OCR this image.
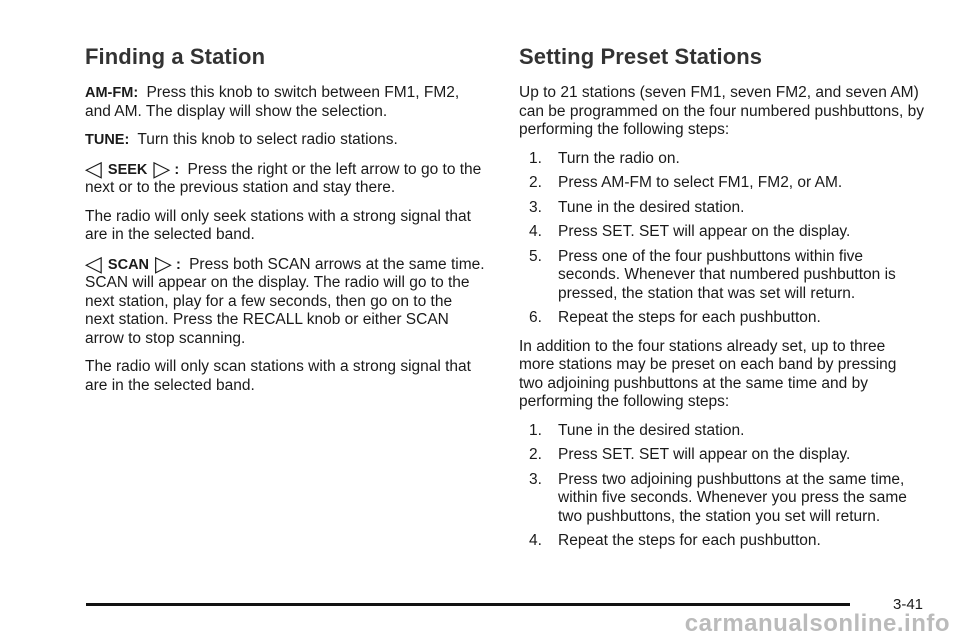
Finding a Station

AM-FM: Press this knob to switch between FM1, FM2, and AM. The display will show the selection.

TUNE: Turn this knob to select radio stations.

◁ SEEK ▷ : Press the right or the left arrow to go to the next or to the previous station and stay there.

The radio will only seek stations with a strong signal that are in the selected band.

◁ SCAN ▷ : Press both SCAN arrows at the same time. SCAN will appear on the display. The radio will go to the next station, play for a few seconds, then go on to the next station. Press the RECALL knob or either SCAN arrow to stop scanning.

The radio will only scan stations with a strong signal that are in the selected band.

Setting Preset Stations

Up to 21 stations (seven FM1, seven FM2, and seven AM) can be programmed on the four numbered pushbuttons, by performing the following steps:

1.	Turn the radio on.
2.	Press AM-FM to select FM1, FM2, or AM.
3.	Tune in the desired station.
4.	Press SET. SET will appear on the display.
5.	Press one of the four pushbuttons within five seconds. Whenever that numbered pushbutton is pressed, the station that was set will return.
6.	Repeat the steps for each pushbutton.

In addition to the four stations already set, up to three more stations may be preset on each band by pressing two adjoining pushbuttons at the same time and by performing the following steps:

1.	Tune in the desired station.
2.	Press SET. SET will appear on the display.
3.	Press two adjoining pushbuttons at the same time, within five seconds. Whenever you press the same two pushbuttons, the station you set will return.
4.	Repeat the steps for each pushbutton.
3-41
carmanualsonline.info
